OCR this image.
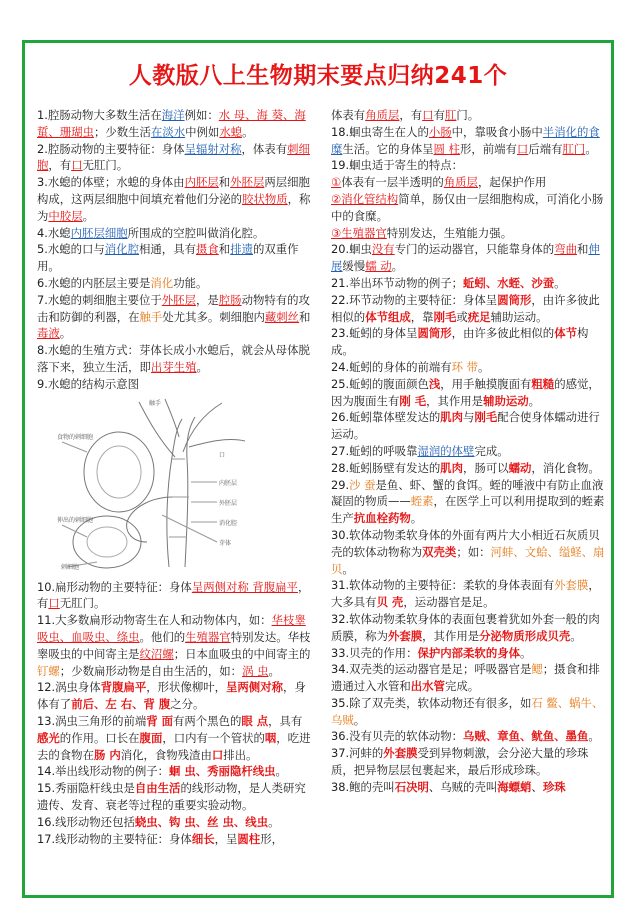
人教版八上生物期末要点归纳241个

1.腔肠动物大多数生活在海洋例如：水 母、海 葵、海蜇、珊瑚虫；少数生活在淡水中例如水螅。

2.腔肠动物的主要特征：身体呈辐射对称，体表有刺细胞，有口无肛门。

3.水螅的体壁；水螅的身体由内胚层和外胚层两层细胞构成，这两层细胞中间填充着他们分泌的胶状物质，称为中胶层。

4.水螅内胚层细胞所围成的空腔叫做消化腔。

5.水螅的口与消化腔相通，具有摄食和排遗的双重作用。

6.水螅的内胚层主要是消化功能。

7.水螅的刺细胞主要位于外胚层，是腔肠动物特有的攻击和防御的利器，在触手处尤其多。刺细胞内藏刺丝和毒液。

8.水螅的生殖方式：芽体长成小水螅后，就会从母体脱落下来，独立生活，即出芽生殖。

9.水螅的结构示意图

触手
口
内胚层
外胚层
消化腔
芽体
刺细胞
食物的刺细胞
伸出的刺细胞

10.扁形动物的主要特征：身体呈两侧对称 背腹扁平，有口无肛门。

11.大多数扁形动物寄生在人和动物体内，如：华枝睾吸虫、血吸虫、绦虫。他们的生殖器官特别发达。华枝睾吸虫的中间寄主是纹沼螺；日本血吸虫的中间寄主的钉螺；少数扁形动物是自由生活的，如：涡 虫。

12.涡虫身体背腹扁平，形状像柳叶，呈两侧对称，身体有了前后、左 右、背 腹之分。

13.涡虫三角形的前端背 面有两个黑色的眼 点，具有感光的作用。口长在腹面，口内有一个管状的咽，吃进去的食物在肠 内消化，食物残渣由口排出。

14.举出线形动物的例子：蛔 虫、秀丽隐杆线虫。

15.秀丽隐杆线虫是自由生活的线形动物，是人类研究遗传、发育、衰老等过程的重要实验动物。

16.线形动物还包括蛲虫、钩 虫、丝 虫、线虫。

17.线形动物的主要特征：身体细长，呈圆柱形，

体表有角质层，有口有肛门。

18.蛔虫寄生在人的小肠中，靠吸食小肠中半消化的食糜生活。它的身体呈圆 柱形，前端有口后端有肛门。

19.蛔虫适于寄生的特点：

①体表有一层半透明的角质层，起保护作用

②消化管结构简单，肠仅由一层细胞构成，可消化小肠中的食糜。

③生殖器官特别发达，生殖能力强。

20.蛔虫没有专门的运动器官，只能靠身体的弯曲和伸展缓慢蠕 动。

21.举出环节动物的例子；蚯蚓、水蛭、沙蚕。

22.环节动物的主要特征：身体呈圆筒形，由许多彼此相似的体节组成，靠刚毛或疣足辅助运动。

23.蚯蚓的身体呈圆筒形，由许多彼此相似的体节构成。

24.蚯蚓的身体的前端有环 带。

25.蚯蚓的腹面颜色浅，用手触摸腹面有粗糙的感觉，因为腹面生有刚 毛，其作用是辅助运动。

26.蚯蚓靠体壁发达的肌肉与刚毛配合使身体蠕动进行运动。

27.蚯蚓的呼吸靠湿润的体壁完成。

28.蚯蚓肠壁有发达的肌肉，肠可以蠕动，消化食物。

29.沙 蚕是鱼、虾、蟹的食饵。蛭的唾液中有防止血液凝固的物质——蛭素，在医学上可以利用提取到的蛭素生产抗血栓药物。

30.软体动物柔软身体的外面有两片大小相近石灰质贝壳的软体动物称为双壳类；如：河蚌、文蛤、缢蛏、扇贝。

31.软体动物的主要特征：柔软的身体表面有外套膜，大多具有贝 壳，运动器官是足。

32.软体动物柔软身体的表面包裹着犹如外套一般的肉质膜，称为外套膜，其作用是分泌物质形成贝壳。

33.贝壳的作用：保护内部柔软的身体。

34.双壳类的运动器官是足；呼吸器官是鳃；摄食和排遗通过入水管和出水管完成。

35.除了双壳类，软体动物还有很多，如石 鳖、蜗牛、乌贼。

36.没有贝壳的软体动物：乌贼、章鱼、鱿鱼、墨鱼。

37.河蚌的外套膜受到异物刺激，会分泌大量的珍珠质，把异物层层包裹起来，最后形成珍珠。

38.鲍的壳叫石决明、乌贼的壳叫海螵蛸、珍珠
